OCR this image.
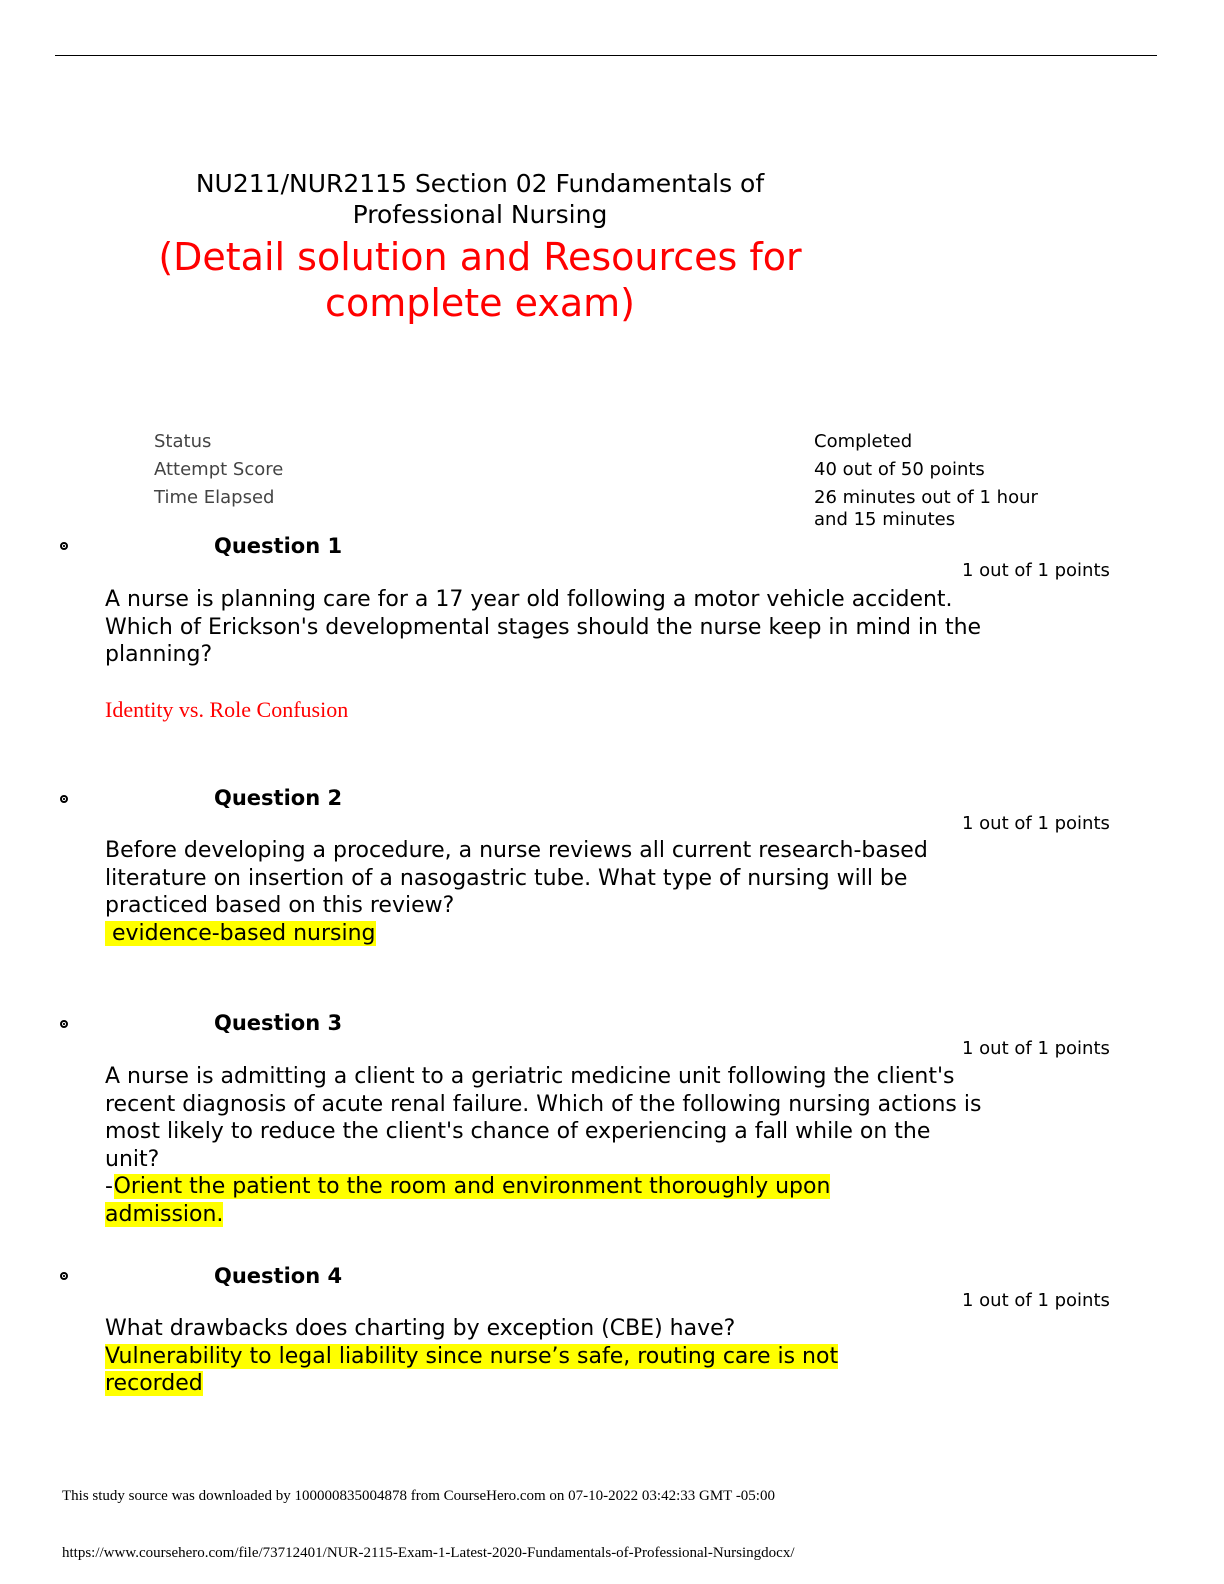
NU211/NUR2115 Section 02 Fundamentals of Professional Nursing
(Detail solution and Resources for complete exam)
Status
Attempt Score
Time Elapsed
Completed
40 out of 50 points
26 minutes out of 1 hour and 15 minutes
Question 1
1 out of 1 points
A nurse is planning care for a 17 year old following a motor vehicle accident. Which of Erickson's developmental stages should the nurse keep in mind in the planning?
Identity vs. Role Confusion
Question 2
1 out of 1 points
Before developing a procedure, a nurse reviews all current research-based literature on insertion of a nasogastric tube. What type of nursing will be practiced based on this review?
evidence-based nursing
Question 3
1 out of 1 points
A nurse is admitting a client to a geriatric medicine unit following the client's recent diagnosis of acute renal failure. Which of the following nursing actions is most likely to reduce the client's chance of experiencing a fall while on the unit?
-Orient the patient to the room and environment thoroughly upon admission.
Question 4
1 out of 1 points
What drawbacks does charting by exception (CBE) have?
Vulnerability to legal liability since nurse’s safe, routing care is not recorded
This study source was downloaded by 100000835004878 from CourseHero.com on 07-10-2022 03:42:33 GMT -05:00
https://www.coursehero.com/file/73712401/NUR-2115-Exam-1-Latest-2020-Fundamentals-of-Professional-Nursingdocx/
